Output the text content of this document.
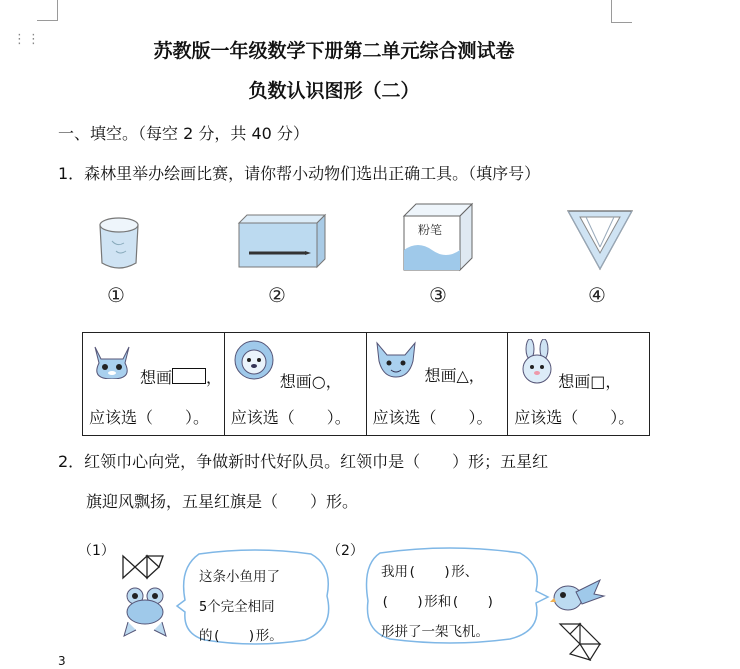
⋮⋮
苏教版一年级数学下册第二单元综合测试卷
负数认识图形（二）
一、填空。（每空 2 分，共 40 分）
1．森林里举办绘画比赛，请你帮小动物们选出正确工具。（填序号）
粉笔
①	②	③	④
想画 ，
应该选（　　）。

想画○，
应该选（　　）。

想画△，
应该选（　　）。

想画□，
应该选（　　）。
2．红领巾心向党，争做新时代好队员。红领巾是（　　）形；五星红
旗迎风飘扬，五星红旗是（　　）形。
（1）	（2）
这条小鱼用了
5个完全相同
的(　　)形。
我用(　　)形、
(　　)形和(　　)
形拼了一架飞机。
3
